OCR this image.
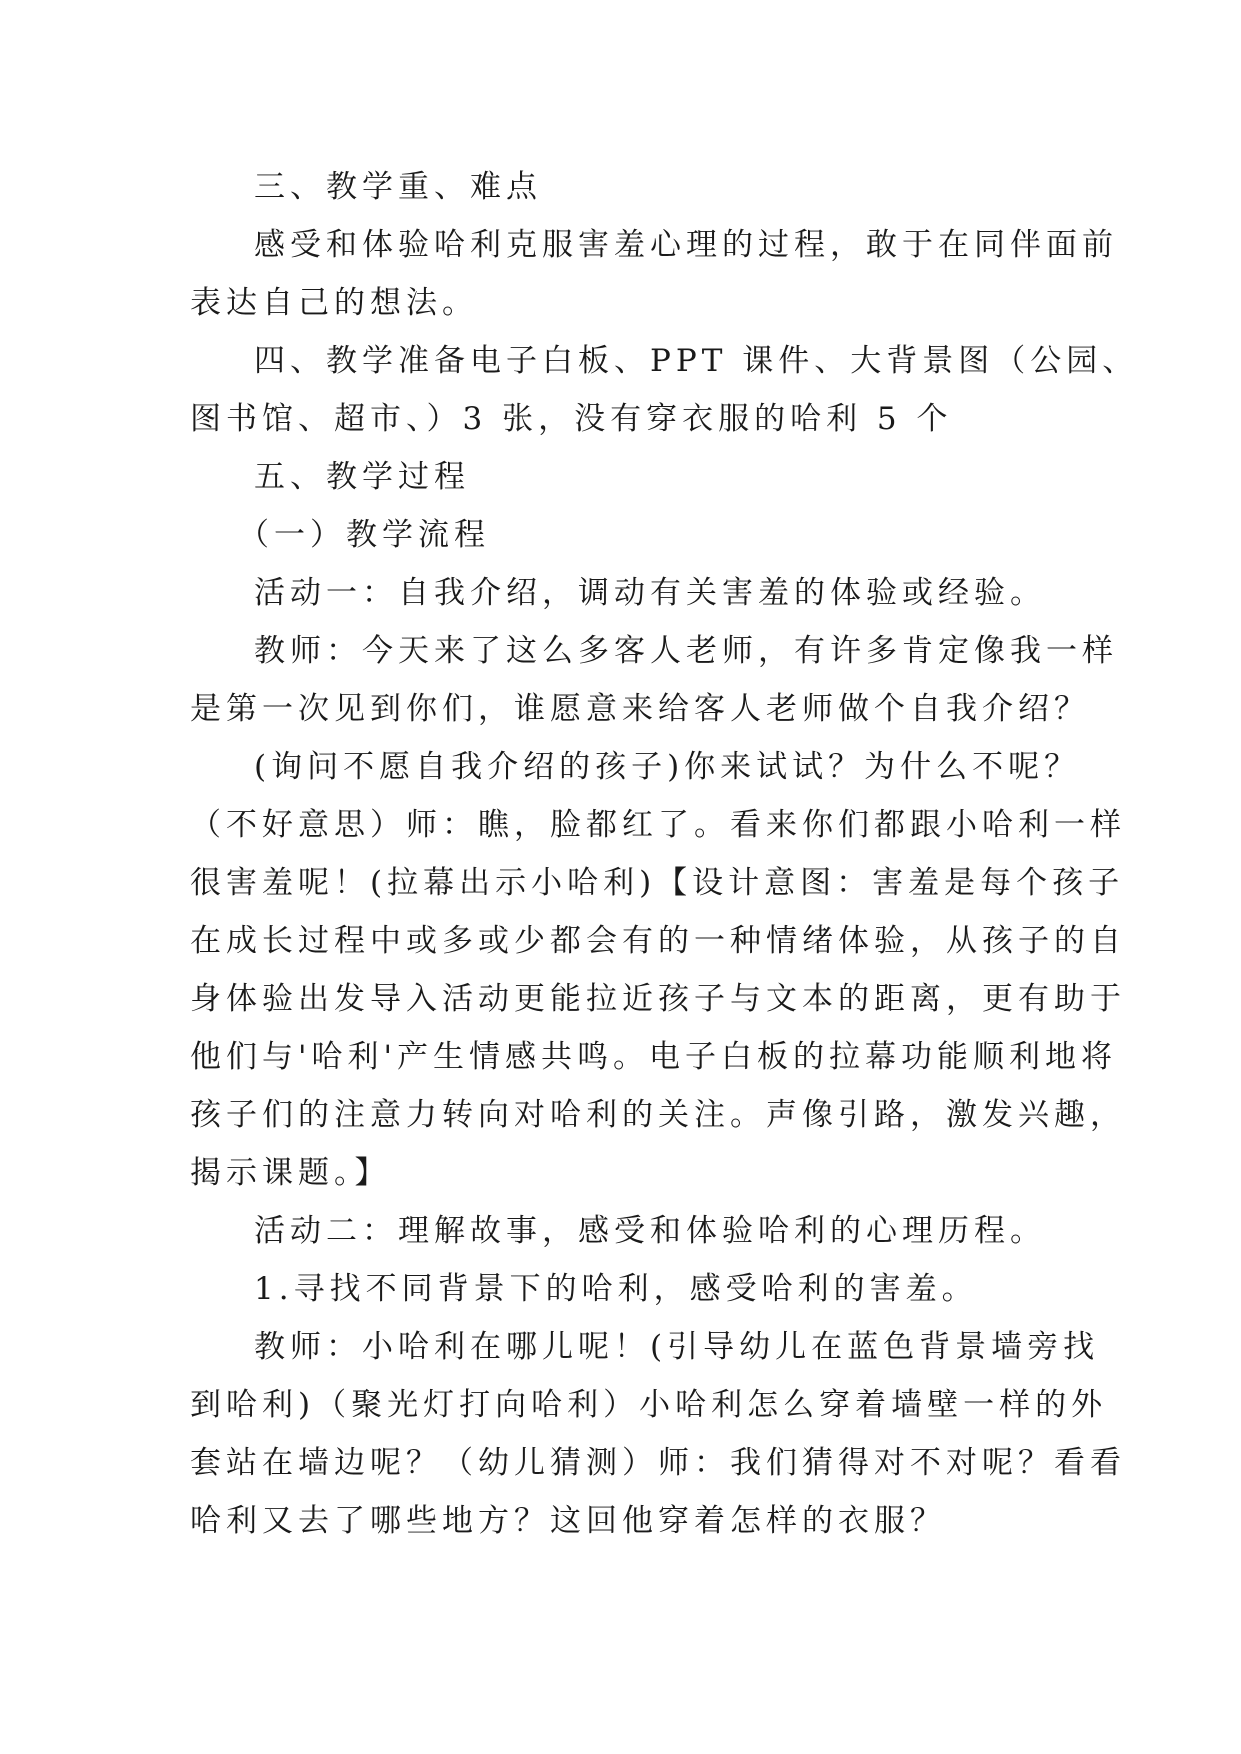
三、教学重、难点
感受和体验哈利克服害羞心理的过程，敢于在同伴面前
表达自己的想法。
四、教学准备电子白板、PPT 课件、大背景图（公园、
图书馆、超市、）3 张，没有穿衣服的哈利 5 个
五、教学过程
（一）教学流程
活动一：自我介绍，调动有关害羞的体验或经验。
教师：今天来了这么多客人老师，有许多肯定像我一样
是第一次见到你们，谁愿意来给客人老师做个自我介绍？
(询问不愿自我介绍的孩子)你来试试？为什么不呢？
（不好意思）师：瞧，脸都红了。看来你们都跟小哈利一样
很害羞呢！(拉幕出示小哈利)【设计意图：害羞是每个孩子
在成长过程中或多或少都会有的一种情绪体验，从孩子的自
身体验出发导入活动更能拉近孩子与文本的距离，更有助于
他们与'哈利'产生情感共鸣。电子白板的拉幕功能顺利地将
孩子们的注意力转向对哈利的关注。声像引路，激发兴趣，
揭示课题。】
活动二：理解故事，感受和体验哈利的心理历程。
1.寻找不同背景下的哈利，感受哈利的害羞。
教师：小哈利在哪儿呢！(引导幼儿在蓝色背景墙旁找
到哈利)（聚光灯打向哈利）小哈利怎么穿着墙壁一样的外
套站在墙边呢？（幼儿猜测）师：我们猜得对不对呢？看看
哈利又去了哪些地方？这回他穿着怎样的衣服？
